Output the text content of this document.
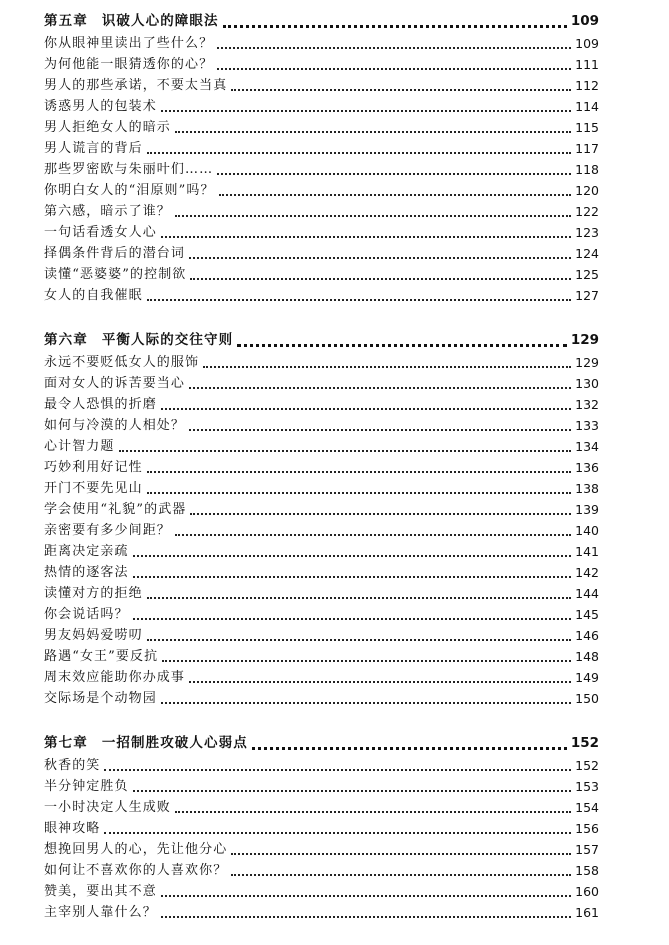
第五章 识破人心的障眼法	109
你从眼神里读出了些什么？	109
为何他能一眼猜透你的心？	111
男人的那些承诺，不要太当真	112
诱惑男人的包装术	114
男人拒绝女人的暗示	115
男人谎言的背后	117
那些罗密欧与朱丽叶们……	118
你明白女人的“泪原则”吗？	120
第六感，暗示了谁？	122
一句话看透女人心	123
择偶条件背后的潜台词	124
读懂“恶婆婆”的控制欲	125
女人的自我催眠	127
第六章 平衡人际的交往守则	129
永远不要贬低女人的服饰	129
面对女人的诉苦要当心	130
最令人恐惧的折磨	132
如何与冷漠的人相处？	133
心计智力题	134
巧妙利用好记性	136
开门不要先见山	138
学会使用“礼貌”的武器	139
亲密要有多少间距？	140
距离决定亲疏	141
热情的逐客法	142
读懂对方的拒绝	144
你会说话吗？	145
男友妈妈爱唠叨	146
路遇“女王”要反抗	148
周末效应能助你办成事	149
交际场是个动物园	150
第七章 一招制胜攻破人心弱点	152
秋香的笑	152
半分钟定胜负	153
一小时决定人生成败	154
眼神攻略	156
想挽回男人的心，先让他分心	157
如何让不喜欢你的人喜欢你？	158
赞美，要出其不意	160
主宰别人靠什么？	161
